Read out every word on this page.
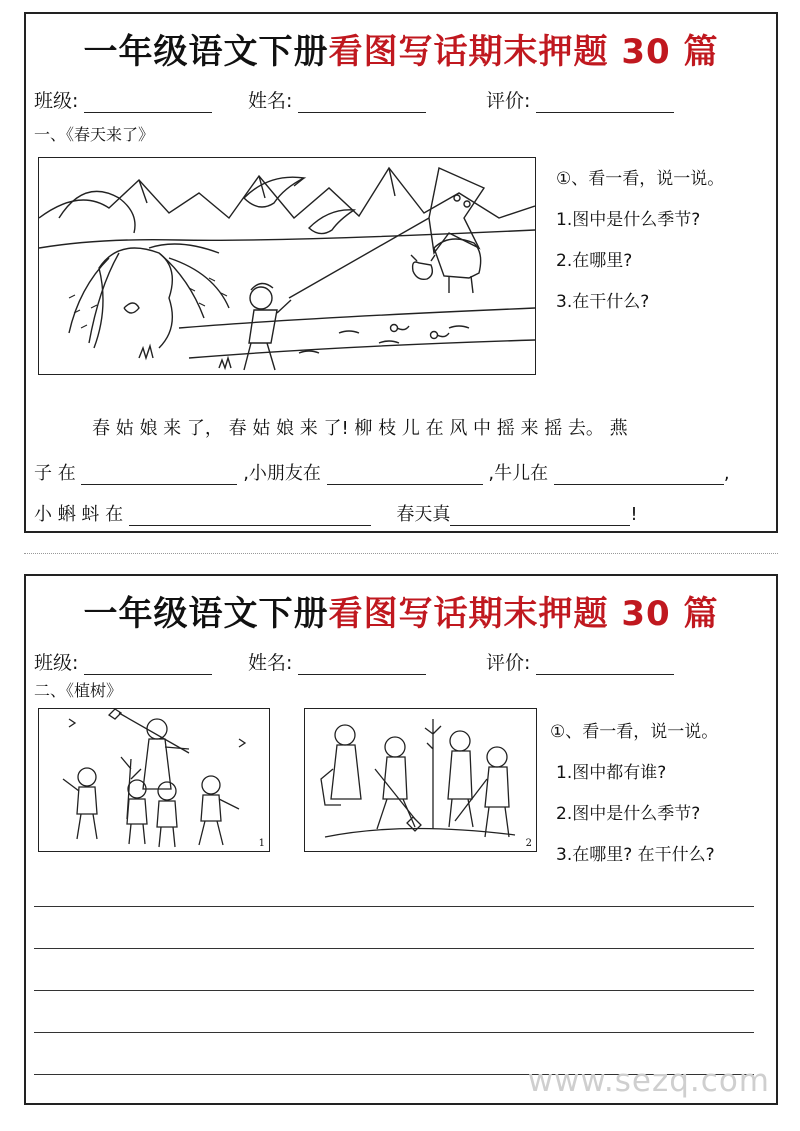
一年级语文下册看图写话期末押题 30 篇
班级:	姓名:	评价:
一、《春天来了》
①、看一看，说一说。
1.图中是什么季节?
2.在哪里?
3.在干什么?
春 姑 娘 来 了， 春 姑 娘 来 了! 柳 枝 儿 在 风 中 摇 来 摇 去。 燕
子 在	,小朋友在	,牛儿在	,
小 蝌 蚪 在	春天真	!
一年级语文下册看图写话期末押题 30 篇
班级:	姓名:	评价:
二、《植树》
1	2
①、看一看，说一说。
1.图中都有谁?
2.图中是什么季节?
3.在哪里? 在干什么?
www.sezq.com
